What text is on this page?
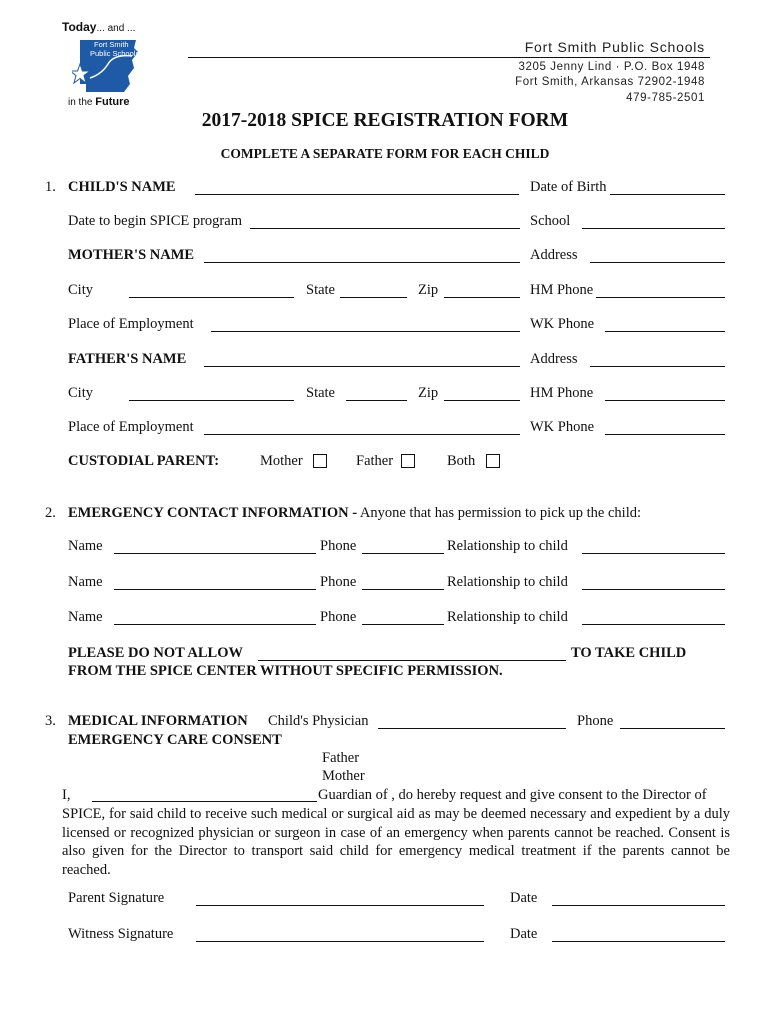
Today... and ...
Fort Smith
Public Schools
in the Future
Fort Smith Public Schools
3205 Jenny Lind · P.O. Box 1948
Fort Smith, Arkansas 72902-1948
479-785-2501
2017-2018 SPICE REGISTRATION FORM
COMPLETE A SEPARATE FORM FOR EACH CHILD
1. CHILD'S NAME	Date of Birth
Date to begin SPICE program	School
MOTHER'S NAME	Address
City	State	Zip	HM Phone
Place of Employment	WK Phone
FATHER'S NAME	Address
City	State	Zip	HM Phone
Place of Employment	WK Phone
CUSTODIAL PARENT:	Mother	Father	Both
2. EMERGENCY CONTACT INFORMATION - Anyone that has permission to pick up the child:
Name	Phone	Relationship to child
Name	Phone	Relationship to child
Name	Phone	Relationship to child
PLEASE DO NOT ALLOW	TO TAKE CHILD
FROM THE SPICE CENTER WITHOUT SPECIFIC PERMISSION.
3. MEDICAL INFORMATION Child's Physician	Phone
EMERGENCY CARE CONSENT
Father
Mother
I,	Guardian of , do hereby request and give consent to the Director of
SPICE, for said child to receive such medical or surgical aid as may be deemed necessary and expedient by a duly licensed or recognized physician or surgeon in case of an emergency when parents cannot be reached. Consent is also given for the Director to transport said child for emergency medical treatment if the parents cannot be reached.
Parent Signature	Date
Witness Signature	Date
